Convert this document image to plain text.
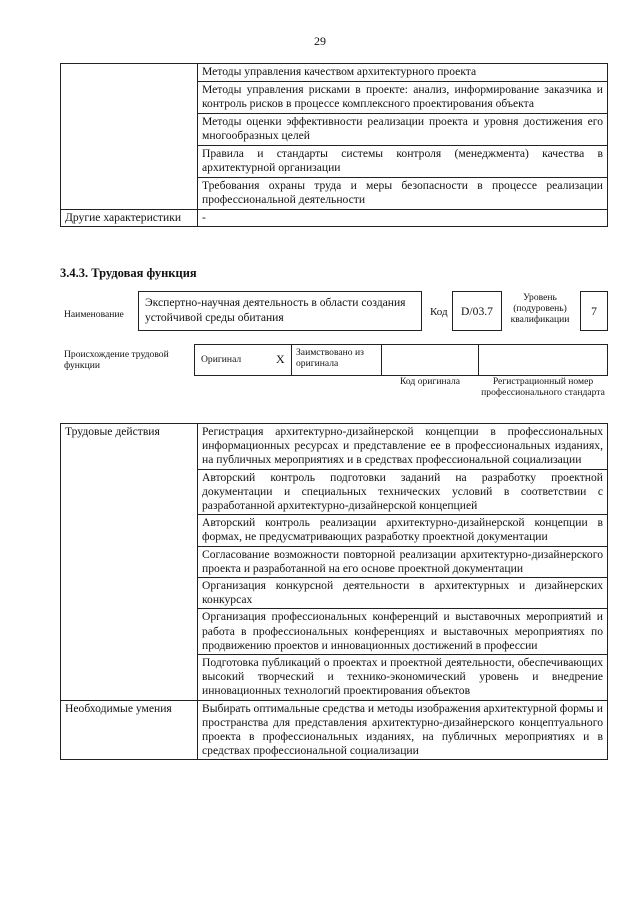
29
	Методы управления качеством архитектурного проекта
	Методы управления рисками в проекте: анализ, информирование заказчика и контроль рисков в процессе комплексного проектирования объекта
	Методы оценки эффективности реализации проекта и уровня достижения его многообразных целей
	Правила и стандарты системы контроля (менеджмента) качества в архитектурной организации
	Требования охраны труда и меры безопасности в процессе реализации профессиональной деятельности
Другие характеристики	-
3.4.3. Трудовая функция
Наименование
Экспертно-научная деятельность в области создания устойчивой среды обитания	Код	D/03.7
Уровень (подуровень) квалификации
7
Происхождение трудовой функции
Оригинал	X Заимствовано из оригинала
Код оригинала	Регистрационный номер профессионального стандарта
Трудовые действия	Регистрация архитектурно-дизайнерской концепции в профессиональных информационных ресурсах и представление ее в профессиональных изданиях, на публичных мероприятиях и в средствах профессиональной социализации
	Авторский контроль подготовки заданий на разработку проектной документации и специальных технических условий в соответствии с разработанной архитектурно-дизайнерской концепцией
	Авторский контроль реализации архитектурно-дизайнерской концепции в формах, не предусматривающих разработку проектной документации
	Согласование возможности повторной реализации архитектурно-дизайнерского проекта и разработанной на его основе проектной документации
	Организация конкурсной деятельности в архитектурных и дизайнерских конкурсах
	Организация профессиональных конференций и выставочных мероприятий и работа в профессиональных конференциях и выставочных мероприятиях по продвижению проектов и инновационных достижений в профессии
	Подготовка публикаций о проектах и проектной деятельности, обеспечивающих высокий творческий и технико-экономический уровень и внедрение инновационных технологий проектирования объектов
Необходимые умения	Выбирать оптимальные средства и методы изображения архитектурной формы и пространства для представления архитектурно-дизайнерского концептуального проекта в профессиональных изданиях, на публичных мероприятиях и в средствах профессиональной социализации
